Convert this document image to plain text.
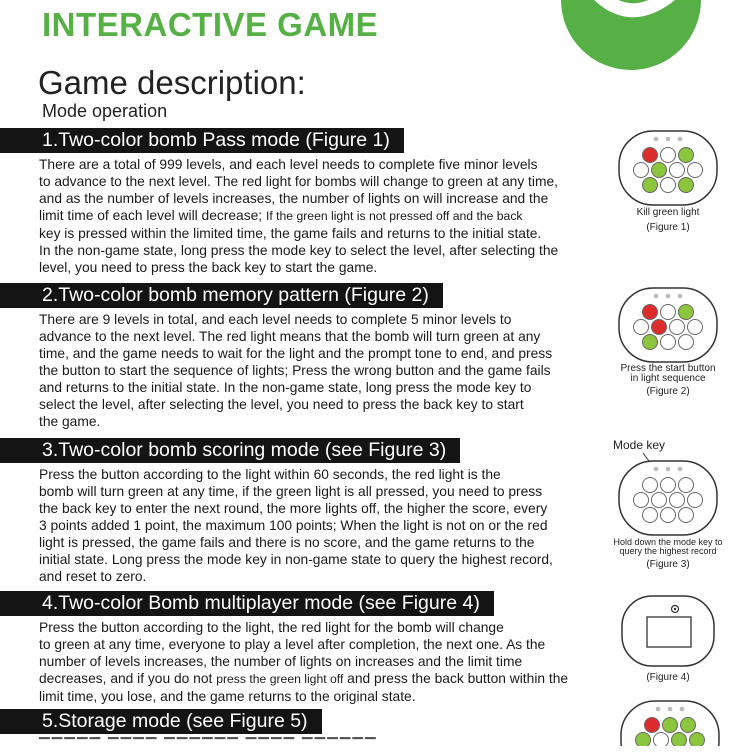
INTERACTIVE GAME
Game description:
Mode operation
1.Two-color bomb Pass mode (Figure 1)
There are a total of 999 levels, and each level needs to complete five minor levels
to advance to the next level. The red light for bombs will change to green at any time,
and as the number of levels increases, the number of lights on will increase and the
limit time of each level will decrease; If the green light is not pressed off and the back
key is pressed within the limited time, the game fails and returns to the initial state.
In the non-game state, long press the mode key to select the level, after selecting the
level, you need to press the back key to start the game.
2.Two-color bomb memory pattern (Figure 2)
There are 9 levels in total, and each level needs to complete 5 minor levels to
advance to the next level. The red light means that the bomb will turn green at any
time, and the game needs to wait for the light and the prompt tone to end, and press
the button to start the sequence of lights; Press the wrong button and the game fails
and returns to the initial state. In the non-game state, long press the mode key to
select the level, after selecting the level, you need to press the back key to start
the game.
3.Two-color bomb scoring mode (see Figure 3)
Press the button according to the light within 60 seconds, the red light is the
bomb will turn green at any time, if the green light is all pressed, you need to press
the back key to enter the next round, the more lights off, the higher the score, every
3 points added 1 point, the maximum 100 points; When the light is not on or the red
light is pressed, the game fails and there is no score, and the game returns to the
initial state. Long press the mode key in non-game state to query the highest record,
and reset to zero.
4.Two-color Bomb multiplayer mode (see Figure 4)
Press the button according to the light, the red light for the bomb will change
to green at any time, everyone to play a level after completion, the next one. As the
number of levels increases, the number of lights on increases and the limit time
decreases, and if you do not press the green light off and press the back button within the
limit time, you lose, and the game returns to the original state.
5.Storage mode (see Figure 5)
▔▔▔▔▔ ▔▔▔▔ ▔▔▔▔▔▔ ▔▔▔▔ ▔▔▔▔▔▔
Kill green light
(Figure 1)
Press the start button
in light sequence
(Figure 2)
Mode key
Hold down the mode key to
query the highest record
(Figure 3)
(Figure 4)
